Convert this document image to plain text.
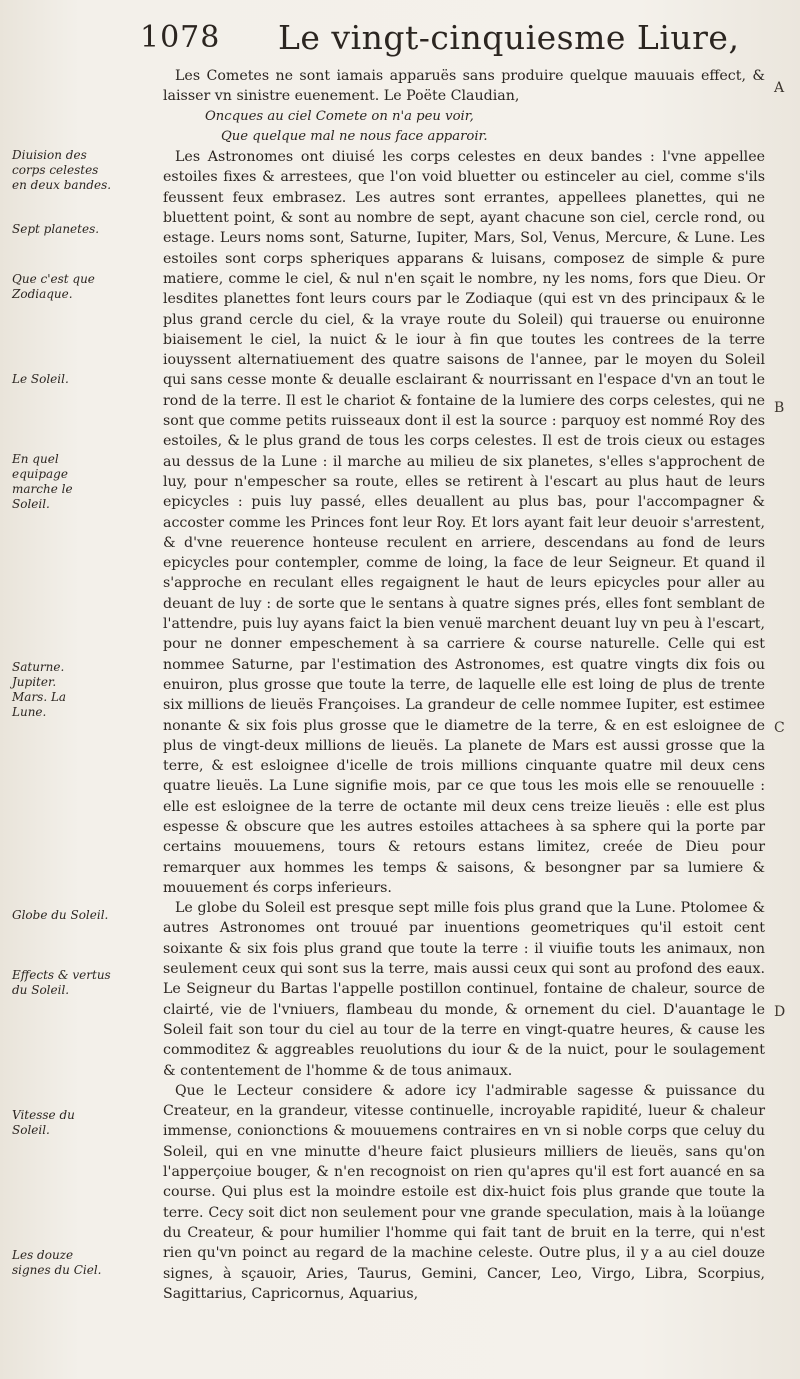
1078 Le vingt-cinquiesme Liure,
Diuision des corps celestes en deux bandes.
Sept planetes.
Que c'est que Zodiaque.
Le Soleil.
En quel equipage marche le Soleil.
Saturne. Jupiter. Mars. La Lune.
Globe du Soleil.
Effects & vertus du Soleil.
Vitesse du Soleil.
Les douze signes du Ciel.
A
B
C
D

Les Cometes ne sont iamais apparuës sans produire quelque mauuais effect, & laisser vn sinistre euenement. Le Poëte Claudian,

Oncques au ciel Comete on n'a peu voir,

Que quelque mal ne nous face apparoir.

Les Astronomes ont diuisé les corps celestes en deux bandes : l'vne appellee estoiles fixes & arrestees, que l'on void bluetter ou estinceler au ciel, comme s'ils feussent feux embrasez. Les autres sont errantes, appellees planettes, qui ne bluettent point, & sont au nombre de sept, ayant chacune son ciel, cercle rond, ou estage. Leurs noms sont, Saturne, Iupiter, Mars, Sol, Venus, Mercure, & Lune. Les estoiles sont corps spheriques apparans & luisans, composez de simple & pure matiere, comme le ciel, & nul n'en sçait le nombre, ny les noms, fors que Dieu. Or lesdites planettes font leurs cours par le Zodiaque (qui est vn des principaux & le plus grand cercle du ciel, & la vraye route du Soleil) qui trauerse ou enuironne biaisement le ciel, la nuict & le iour à fin que toutes les contrees de la terre iouyssent alternatiuement des quatre saisons de l'annee, par le moyen du Soleil qui sans cesse monte & deualle esclairant & nourrissant en l'espace d'vn an tout le rond de la terre. Il est le chariot & fontaine de la lumiere des corps celestes, qui ne sont que comme petits ruisseaux dont il est la source : parquoy est nommé Roy des estoiles, & le plus grand de tous les corps celestes. Il est de trois cieux ou estages au dessus de la Lune : il marche au milieu de six planetes, s'elles s'approchent de luy, pour n'empescher sa route, elles se retirent à l'escart au plus haut de leurs epicycles : puis luy passé, elles deuallent au plus bas, pour l'accompagner & accoster comme les Princes font leur Roy. Et lors ayant fait leur deuoir s'arrestent, & d'vne reuerence honteuse reculent en arriere, descendans au fond de leurs epicycles pour contempler, comme de loing, la face de leur Seigneur. Et quand il s'approche en reculant elles regaignent le haut de leurs epicycles pour aller au deuant de luy : de sorte que le sentans à quatre signes prés, elles font semblant de l'attendre, puis luy ayans faict la bien venuë marchent deuant luy vn peu à l'escart, pour ne donner empeschement à sa carriere & course naturelle. Celle qui est nommee Saturne, par l'estimation des Astronomes, est quatre vingts dix fois ou enuiron, plus grosse que toute la terre, de laquelle elle est loing de plus de trente six millions de lieuës Françoises. La grandeur de celle nommee Iupiter, est estimee nonante & six fois plus grosse que le diametre de la terre, & en est esloignee de plus de vingt-deux millions de lieuës. La planete de Mars est aussi grosse que la terre, & est esloignee d'icelle de trois millions cinquante quatre mil deux cens quatre lieuës. La Lune signifie mois, par ce que tous les mois elle se renouuelle : elle est esloignee de la terre de octante mil deux cens treize lieuës : elle est plus espesse & obscure que les autres estoiles attachees à sa sphere qui la porte par certains mouuemens, tours & retours estans limitez, creée de Dieu pour remarquer aux hommes les temps & saisons, & besongner par sa lumiere & mouuement és corps inferieurs.

Le globe du Soleil est presque sept mille fois plus grand que la Lune. Ptolomee & autres Astronomes ont trouué par inuentions geometriques qu'il estoit cent soixante & six fois plus grand que toute la terre : il viuifie touts les animaux, non seulement ceux qui sont sus la terre, mais aussi ceux qui sont au profond des eaux. Le Seigneur du Bartas l'appelle postillon continuel, fontaine de chaleur, source de clairté, vie de l'vniuers, flambeau du monde, & ornement du ciel. D'auantage le Soleil fait son tour du ciel au tour de la terre en vingt-quatre heures, & cause les commoditez & aggreables reuolutions du iour & de la nuict, pour le soulagement & contentement de l'homme & de tous animaux.

Que le Lecteur considere & adore icy l'admirable sagesse & puissance du Createur, en la grandeur, vitesse continuelle, incroyable rapidité, lueur & chaleur immense, conionctions & mouuemens contraires en vn si noble corps que celuy du Soleil, qui en vne minutte d'heure faict plusieurs milliers de lieuës, sans qu'on l'apperçoiue bouger, & n'en recognoist on rien qu'apres qu'il est fort auancé en sa course. Qui plus est la moindre estoile est dix-huict fois plus grande que toute la terre. Cecy soit dict non seulement pour vne grande speculation, mais à la loüange du Createur, & pour humilier l'homme qui fait tant de bruit en la terre, qui n'est rien qu'vn poinct au regard de la machine celeste. Outre plus, il y a au ciel douze signes, à sçauoir, Aries, Taurus, Gemini, Cancer, Leo, Virgo, Libra, Scorpius, Sagittarius, Capricornus, Aquarius,
